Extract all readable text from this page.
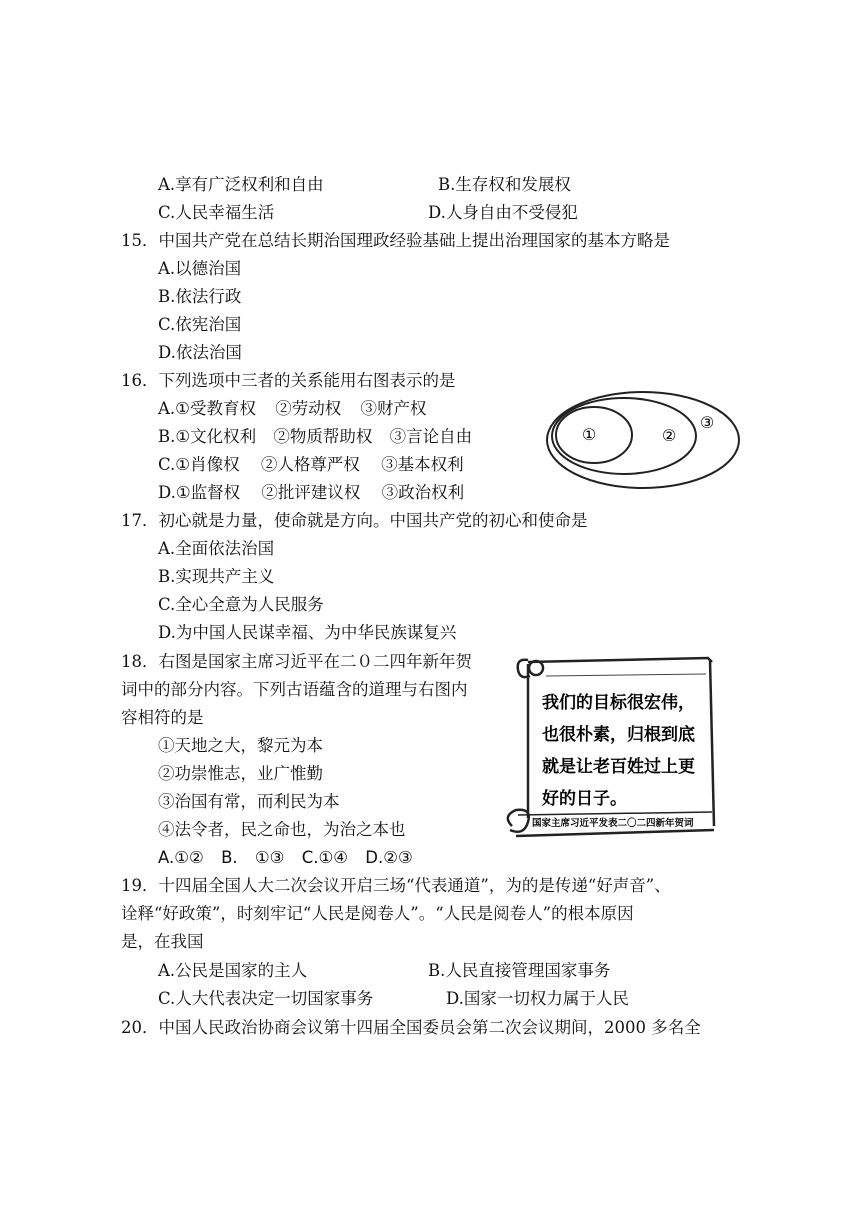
A.享有广泛权利和自由	B.生存权和发展权
C.人民幸福生活	D.人身自由不受侵犯
15．中国共产党在总结长期治国理政经验基础上提出治理国家的基本方略是
A.以德治国
B.依法行政
C.依宪治国
D.依法治国
16．下列选项中三者的关系能用右图表示的是
A.①受教育权 ②劳动权 ③财产权
B.①文化权利 ②物质帮助权 ③言论自由
C.①肖像权 ②人格尊严权 ③基本权利
D.①监督权 ②批评建议权 ③政治权利
①	②
③
17．初心就是力量，使命就是方向。中国共产党的初心和使命是
A.全面依法治国
B.实现共产主义
C.全心全意为人民服务
D.为中国人民谋幸福、为中华民族谋复兴
18．右图是国家主席习近平在二０二四年新年贺
词中的部分内容。下列古语蕴含的道理与右图内
容相符的是
①天地之大，黎元为本
②功崇惟志，业广惟勤
③治国有常，而利民为本
④法令者，民之命也，为治之本也
A.①② B. ①③ C.①④ D.②③
我们的目标很宏伟，
也很朴素，归根到底
就是让老百姓过上更
好的日子。
国家主席习近平发表二〇二四新年贺词
19．十四届全国人大二次会议开启三场“代表通道”，为的是传递“好声音”、
诠释“好政策”，时刻牢记“人民是阅卷人”。“人民是阅卷人”的根本原因
是，在我国
A.公民是国家的主人	B.人民直接管理国家事务
C.人大代表决定一切国家事务	D.国家一切权力属于人民
20．中国人民政治协商会议第十四届全国委员会第二次会议期间，2000 多名全
